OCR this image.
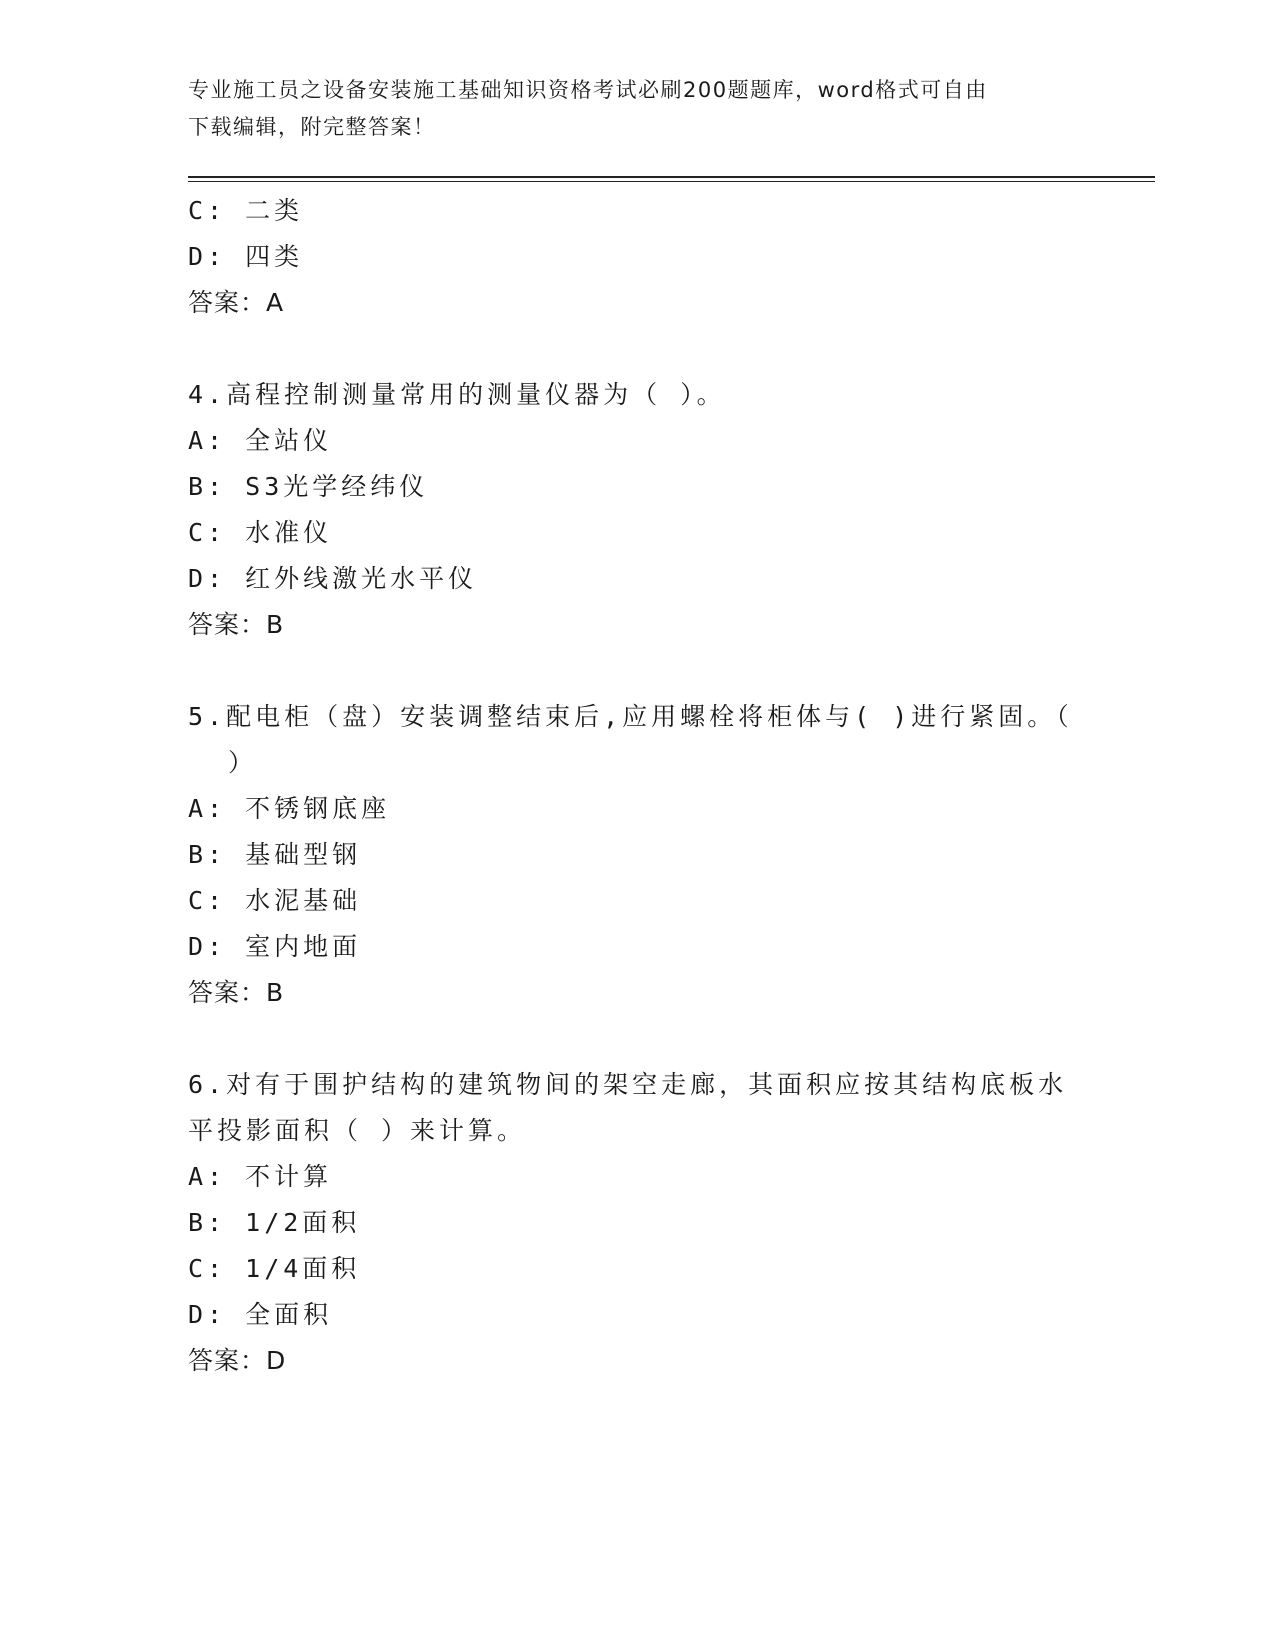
专业施工员之设备安装施工基础知识资格考试必刷200题题库，word格式可自由
下载编辑，附完整答案！
C: 二类
D: 四类
答案：A
4.高程控制测量常用的测量仪器为（ ）。
A: 全站仪
B: S3光学经纬仪
C: 水准仪
D: 红外线激光水平仪
答案：B
5.配电柜（盘）安装调整结束后,应用螺栓将柜体与( )进行紧固。（
）
A: 不锈钢底座
B: 基础型钢
C: 水泥基础
D: 室内地面
答案：B
6.对有于围护结构的建筑物间的架空走廊，其面积应按其结构底板水
平投影面积（ ）来计算。
A: 不计算
B: 1/2面积
C: 1/4面积
D: 全面积
答案：D
